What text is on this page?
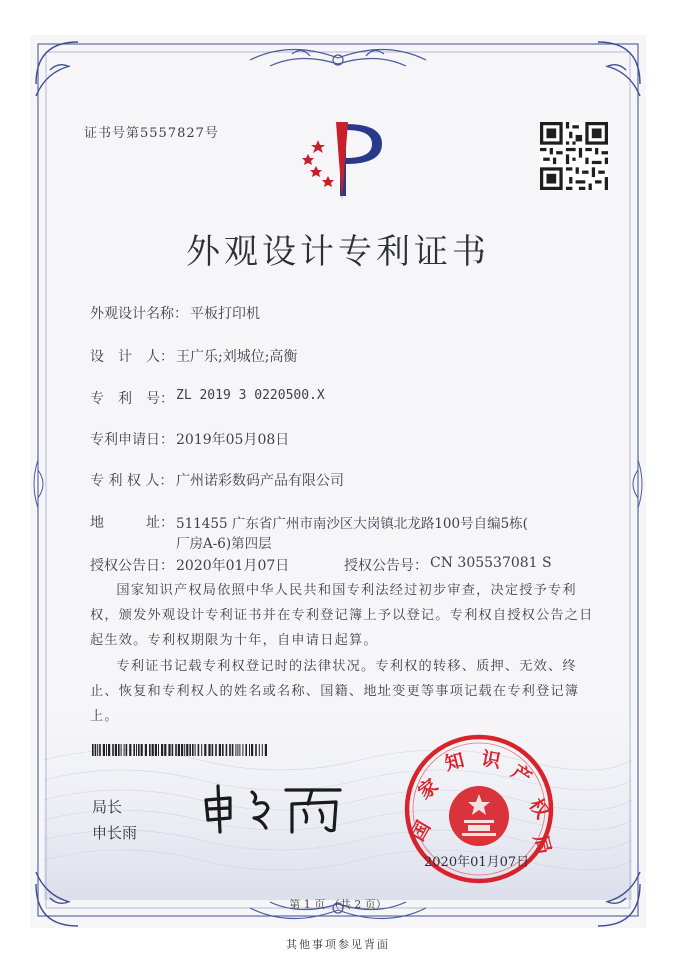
证书号第5557827号
外观设计专利证书
外观设计名称： 平板打印机
设　计　人： 王广乐;刘城位;高衡
专　利　号： ZL 2019 3 0220500.X
专利申请日： 2019年05月08日
专 利 权 人： 广州诺彩数码产品有限公司
地　　　址： 511455 广东省广州市南沙区大岗镇北龙路100号自编5栋(
厂房A-6)第四层
授权公告日： 2020年01月07日	授权公告号： CN 305537081 S
国家知识产权局依照中华人民共和国专利法经过初步审查，决定授予专利权，颁发外观设计专利证书并在专利登记簿上予以登记。专利权自授权公告之日起生效。专利权期限为十年，自申请日起算。
专利证书记载专利权登记时的法律状况。专利权的转移、质押、无效、终止、恢复和专利权人的姓名或名称、国籍、地址变更等事项记载在专利登记簿上。
局长
申长雨	国
家
知 识
产
权
局
2020年01月07日
第 1 页 （共 2 页）
其他事项参见背面
